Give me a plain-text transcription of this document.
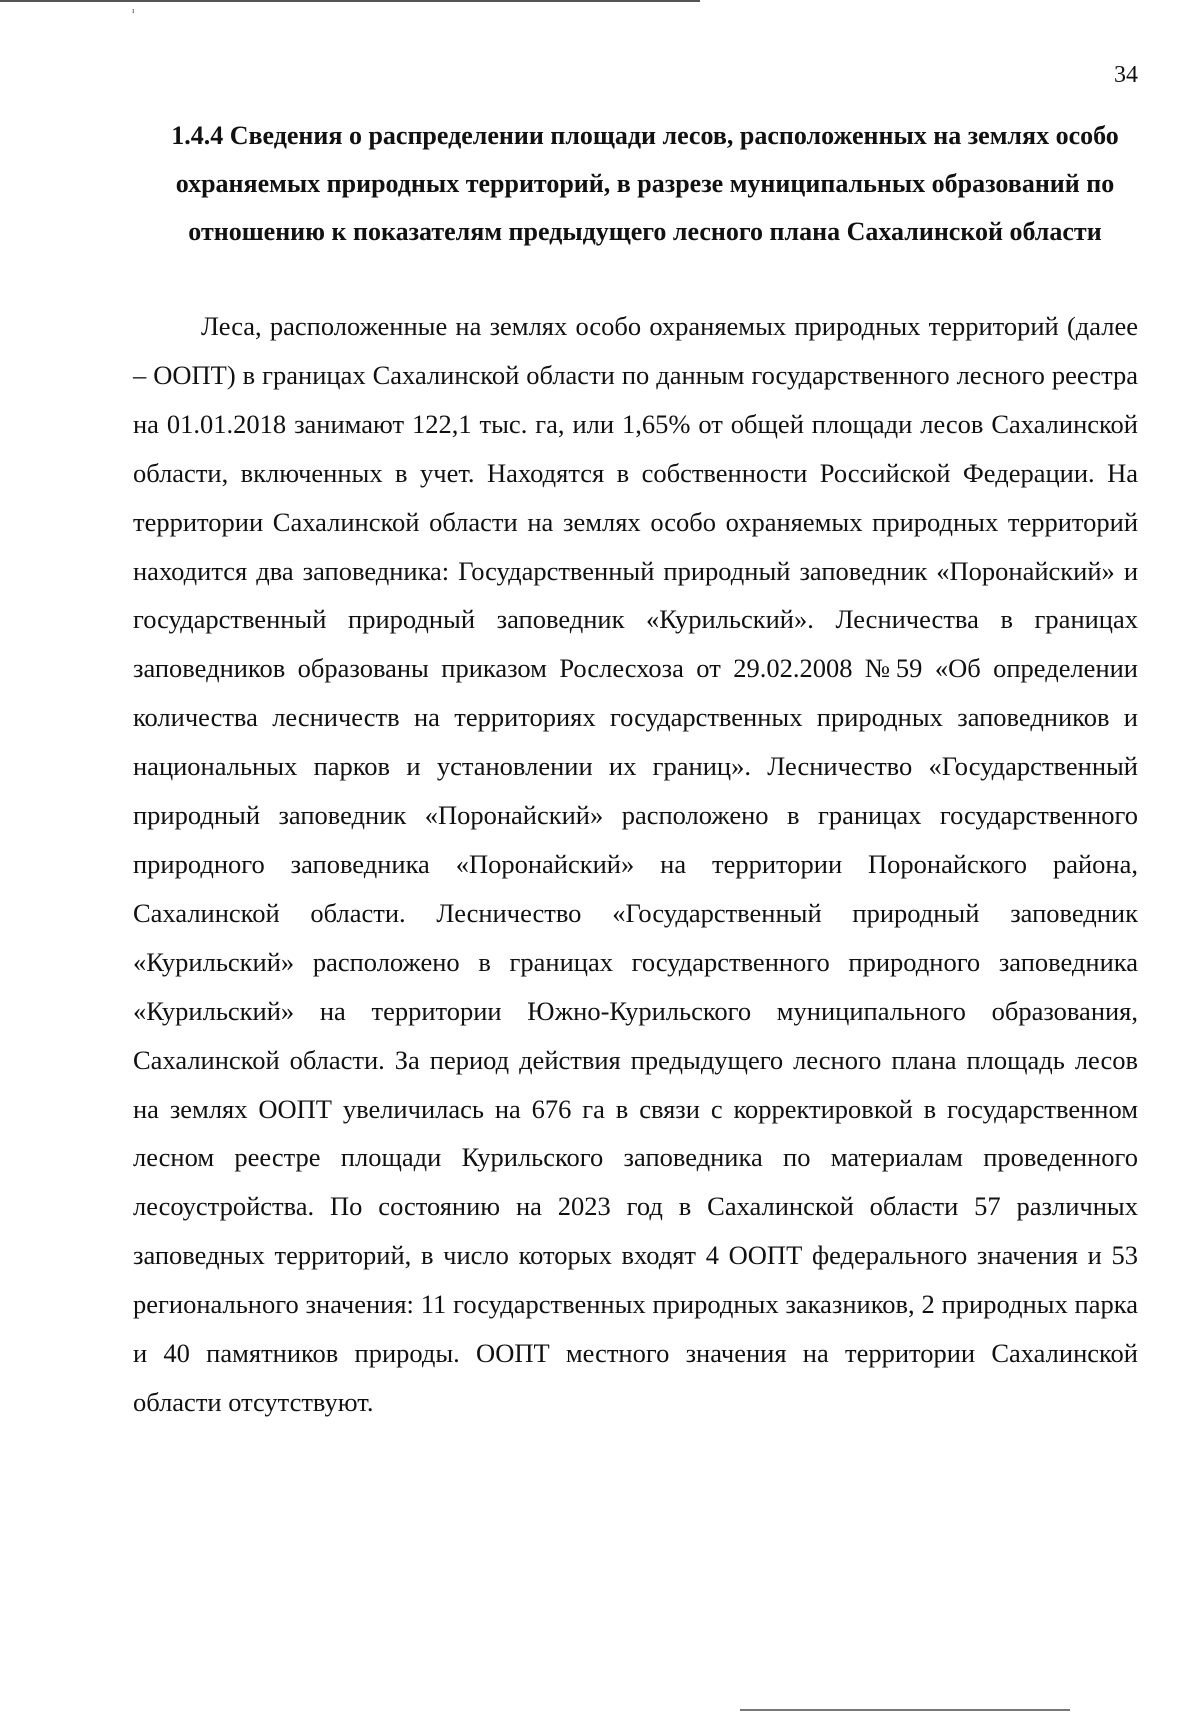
ᶦ
34
1.4.4 Сведения о распределении площади лесов, расположенных на землях особо охраняемых природных территорий, в разрезе муниципальных образований по отношению к показателям предыдущего лесного плана Сахалинской области

Леса, расположенные на землях особо охраняемых природных территорий (далее – ООПТ) в границах Сахалинской области по данным государственного лесного реестра на 01.01.2018 занимают 122,1 тыс. га, или 1,65% от общей площади лесов Сахалинской области, включенных в учет. Находятся в собственности Российской Федерации. На территории Сахалинской области на землях особо охраняемых природных территорий находится два заповедника: Государственный природный заповедник «Поронайский» и государственный природный заповедник «Курильский». Лесничества в границах заповедников образованы приказом Рослесхоза от 29.02.2008 №59 «Об определении количества лесничеств на территориях государственных природных заповедников и национальных парков и установлении их границ». Лесничество «Государственный природный заповедник «Поронайский» расположено в границах государственного природного заповедника «Поронайский» на территории Поронайского района, Сахалинской области. Лесничество «Государственный природный заповедник «Курильский» расположено в границах государственного природного заповедника «Курильский» на территории Южно-Курильского муниципального образования, Сахалинской области. За период действия предыдущего лесного плана площадь лесов на землях ООПТ увеличилась на 676 га в связи с корректировкой в государственном лесном реестре площади Курильского заповедника по материалам проведенного лесоустройства. По состоянию на 2023 год в Сахалинской области 57 различных заповедных территорий, в число которых входят 4 ООПТ федерального значения и 53 регионального значения: 11 государственных природных заказников, 2 природных парка и 40 памятников природы. ООПТ местного значения на территории Сахалинской области отсутствуют.
